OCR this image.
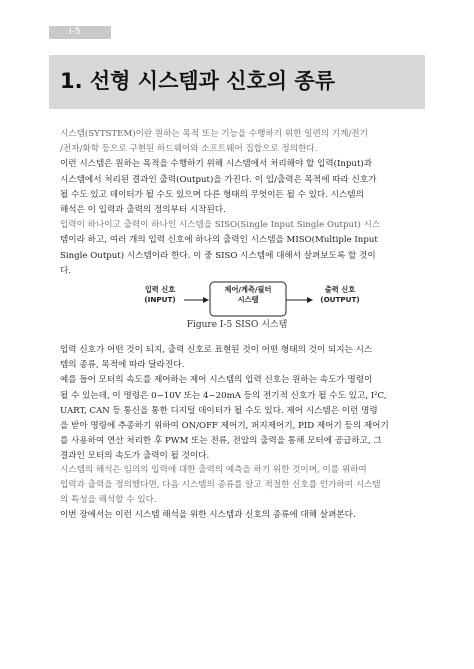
I-5
1. 선형 시스템과 신호의 종류
시스템(SYTSTEM)이란 원하는 목적 또는 기능을 수행하기 위한 일련의 기계/전기
/전자/화학 등으로 구현된 하드웨어와 소프트웨어 집합으로 정의한다.
이런 시스템은 원하는 목적을 수행하기 위해 시스템에서 처리해야 할 입력(Input)과
시스템에서 처리된 결과인 출력(Output)을 가진다. 이 입/출력은 목적에 따라 신호가
될 수도 있고 데이터가 될 수도 있으며 다른 형태의 무엇이든 될 수 있다. 시스템의
해석은 이 입력과 출력의 정의부터 시작된다.
입력이 하나이고 출력이 하나인 시스템을 SISO(Single Input Single Output) 시스
템이라 하고, 여러 개의 입력 신호에 하나의 출력인 시스템을 MISO(Multiple Input
Single Output) 시스템이라 한다. 이 중 SISO 시스템에 대해서 살펴보도록 할 것이
다.
입력 신호
(INPUT)
제어/계측/필터
시스템
출력 신호
(OUTPUT)
Figure I-5 SISO 시스템
입력 신호가 어떤 것이 되지, 출력 신호로 표현된 것이 어떤 형태의 것이 되지는 시스
템의 종류, 목적에 따라 달라진다.
예를 들어 모터의 속도를 제어하는 제어 시스템의 입력 신호는 원하는 속도가 명령이
될 수 있는데, 이 명령은 0~10V 또는 4~20mA 등의 전기적 신호가 될 수도 있고, I²C,
UART, CAN 등 통신을 통한 디지털 데이터가 될 수도 있다. 제어 시스템은 이런 명령
을 받아 명령에 추종하기 위하여 ON/OFF 제어기, 퍼지제어기, PID 제어기 등의 제어기
를 사용하여 연산 처리한 후 PWM 또는 전류, 전압의 출력을 통해 모터에 공급하고, 그
결과인 모터의 속도가 출력이 될 것이다.
시스템의 해석은 임의의 입력에 대한 출력의 예측을 하기 위한 것이며, 이를 위하여
입력과 출력을 정의했다면, 다음 시스템의 종류를 알고 적절한 신호를 인가하여 시스템
의 특성을 해석할 수 있다.
이번 장에서는 이런 시스템 해석을 위한 시스템과 신호의 종류에 대해 살펴본다.
